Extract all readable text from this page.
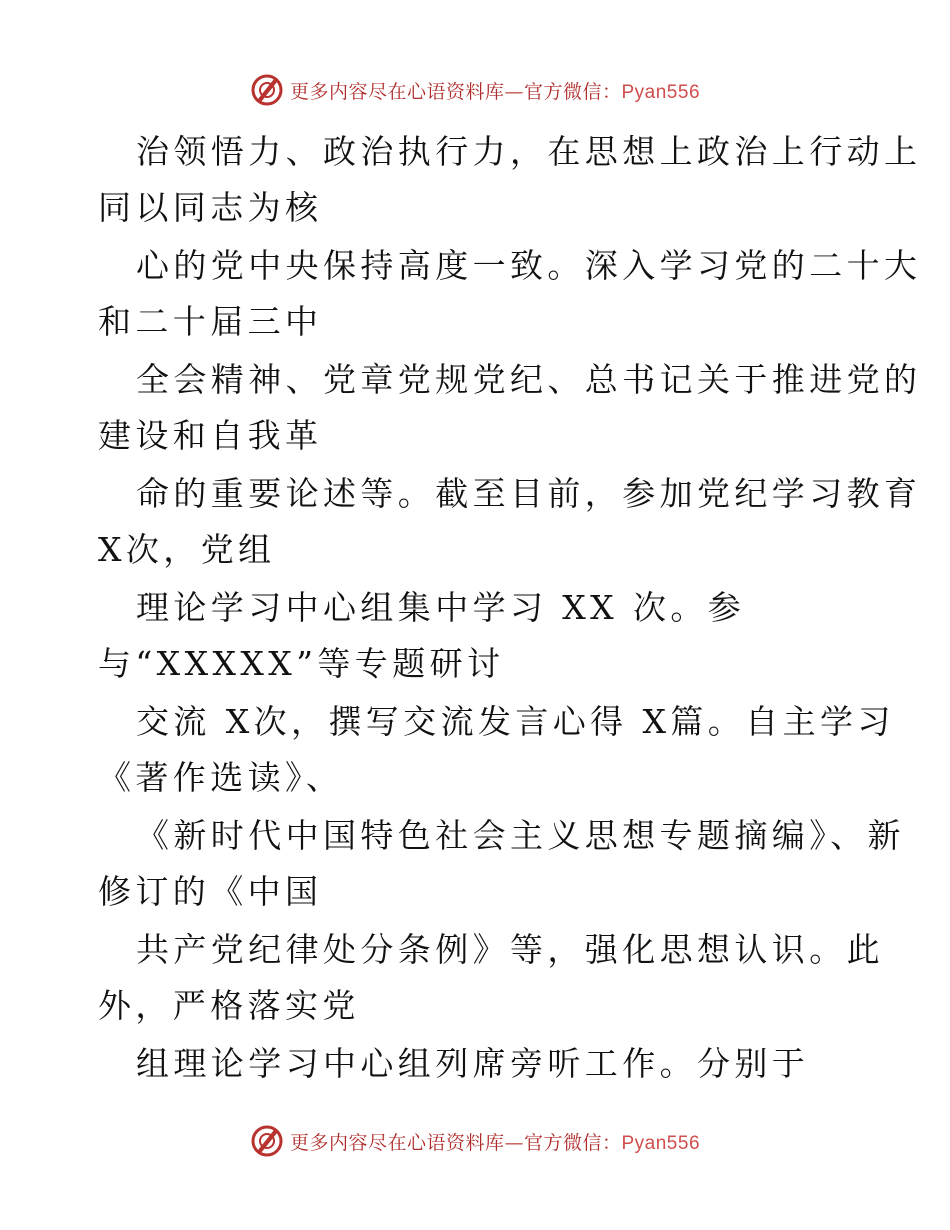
更多内容尽在心语资料库—官方微信：Pyan556
治领悟力、政治执行力，在思想上政治上行动上
同以同志为核
心的党中央保持高度一致。深入学习党的二十大
和二十届三中
全会精神、党章党规党纪、总书记关于推进党的
建设和自我革
命的重要论述等。截至目前，参加党纪学习教育
X次，党组
理论学习中心组集中学习 XX 次。参
与“XXXXX”等专题研讨
交流 X次，撰写交流发言心得 X篇。自主学习
《著作选读》、
《新时代中国特色社会主义思想专题摘编》、新
修订的《中国
共产党纪律处分条例》等，强化思想认识。此
外，严格落实党
组理论学习中心组列席旁听工作。分别于
更多内容尽在心语资料库—官方微信：Pyan556
